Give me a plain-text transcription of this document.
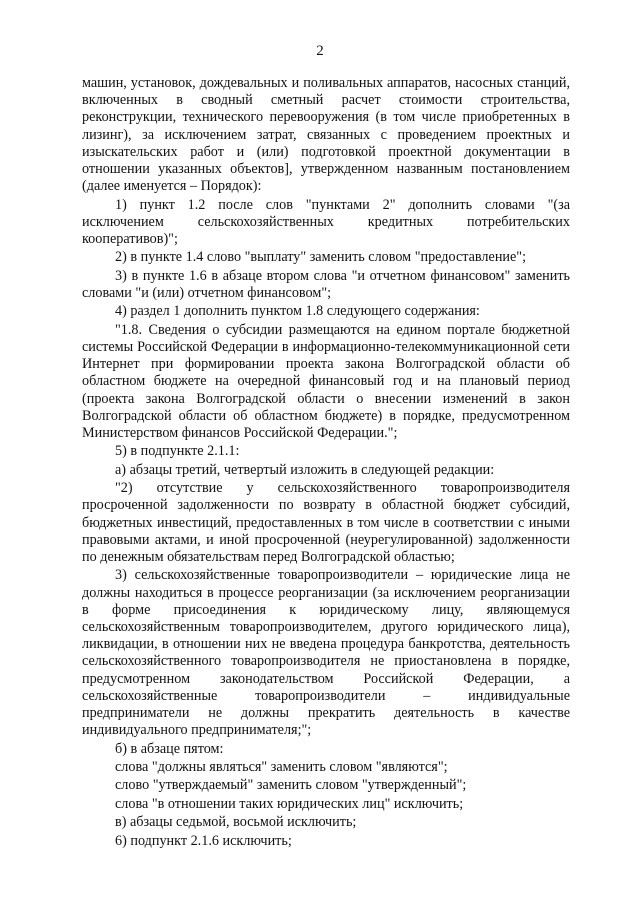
2

машин, установок, дождевальных и поливальных аппаратов, насосных станций, включенных в сводный сметный расчет стоимости строительства, реконструкции, технического перевооружения (в том числе приобретенных в лизинг), за исключением затрат, связанных с проведением проектных и изыскательских работ и (или) подготовкой проектной документации в отношении указанных объектов], утвержденном названным постановлением (далее именуется – Порядок):

1) пункт 1.2 после слов "пунктами 2" дополнить словами "(за исключением сельскохозяйственных кредитных потребительских кооперативов)";

2) в пункте 1.4 слово "выплату" заменить словом "предоставление";

3) в пункте 1.6 в абзаце втором слова "и отчетном финансовом" заменить словами "и (или) отчетном финансовом";

4) раздел 1 дополнить пунктом 1.8 следующего содержания:

"1.8. Сведения о субсидии размещаются на едином портале бюджетной системы Российской Федерации в информационно-телекоммуникационной сети Интернет при формировании проекта закона Волгоградской области об областном бюджете на очередной финансовый год и на плановый период (проекта закона Волгоградской области о внесении изменений в закон Волгоградской области об областном бюджете) в порядке, предусмотренном Министерством финансов Российской Федерации.";

5) в подпункте 2.1.1:

а) абзацы третий, четвертый изложить в следующей редакции:

"2) отсутствие у сельскохозяйственного товаропроизводителя просроченной задолженности по возврату в областной бюджет субсидий, бюджетных инвестиций, предоставленных в том числе в соответствии с иными правовыми актами, и иной просроченной (неурегулированной) задолженности по денежным обязательствам перед Волгоградской областью;

3) сельскохозяйственные товаропроизводители – юридические лица не должны находиться в процессе реорганизации (за исключением реорганизации в форме присоединения к юридическому лицу, являющемуся сельскохозяйственным товаропроизводителем, другого юридического лица), ликвидации, в отношении них не введена процедура банкротства, деятельность сельскохозяйственного товаропроизводителя не приостановлена в порядке, предусмотренном законодательством Российской Федерации, а сельскохозяйственные товаропроизводители – индивидуальные предприниматели не должны прекратить деятельность в качестве индивидуального предпринимателя;";

б) в абзаце пятом:

слова "должны являться" заменить словом "являются";

слово "утверждаемый" заменить словом "утвержденный";

слова "в отношении таких юридических лиц" исключить;

в) абзацы седьмой, восьмой исключить;

6) подпункт 2.1.6 исключить;
